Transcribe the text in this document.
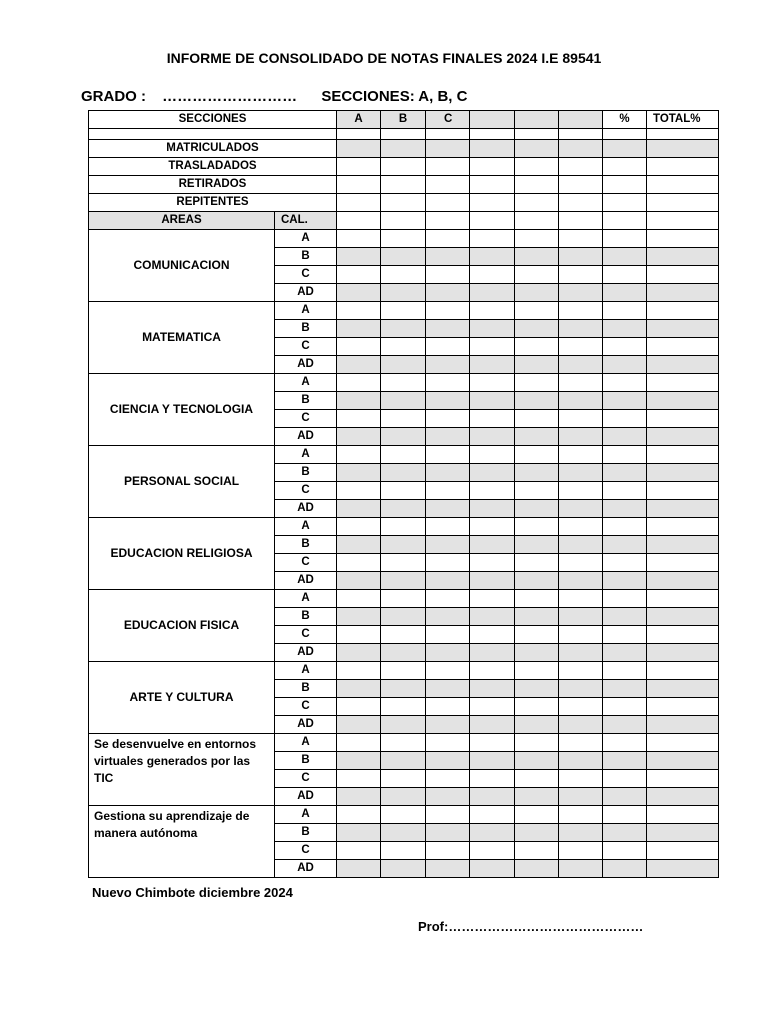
INFORME DE CONSOLIDADO DE NOTAS FINALES 2024 I.E 89541
GRADO : ……………………… SECCIONES: A, B, C
SECCIONES		A	B	C				%	TOTAL%

MATRICULADOS									
TRASLADADOS									
RETIRADOS									
REPITENTES									
AREAS	CAL.								
COMUNICACION	A								
	B								
	C								
	AD								
MATEMATICA	A								
	B								
	C								
	AD								
CIENCIA Y TECNOLOGIA	A								
	B								
	C								
	AD								
PERSONAL SOCIAL	A								
	B								
	C								
	AD								
EDUCACION RELIGIOSA	A								
	B								
	C								
	AD								
EDUCACION FISICA	A								
	B								
	C								
	AD								
ARTE Y CULTURA	A								
	B								
	C								
	AD								
Se desenvuelve en entornos virtuales generados por las TIC	A								
	B								
	C								
	AD								
Gestiona su aprendizaje de manera autónoma	A								
	B								
	C								
	AD								
Nuevo Chimbote diciembre 2024
Prof:………………………………………
